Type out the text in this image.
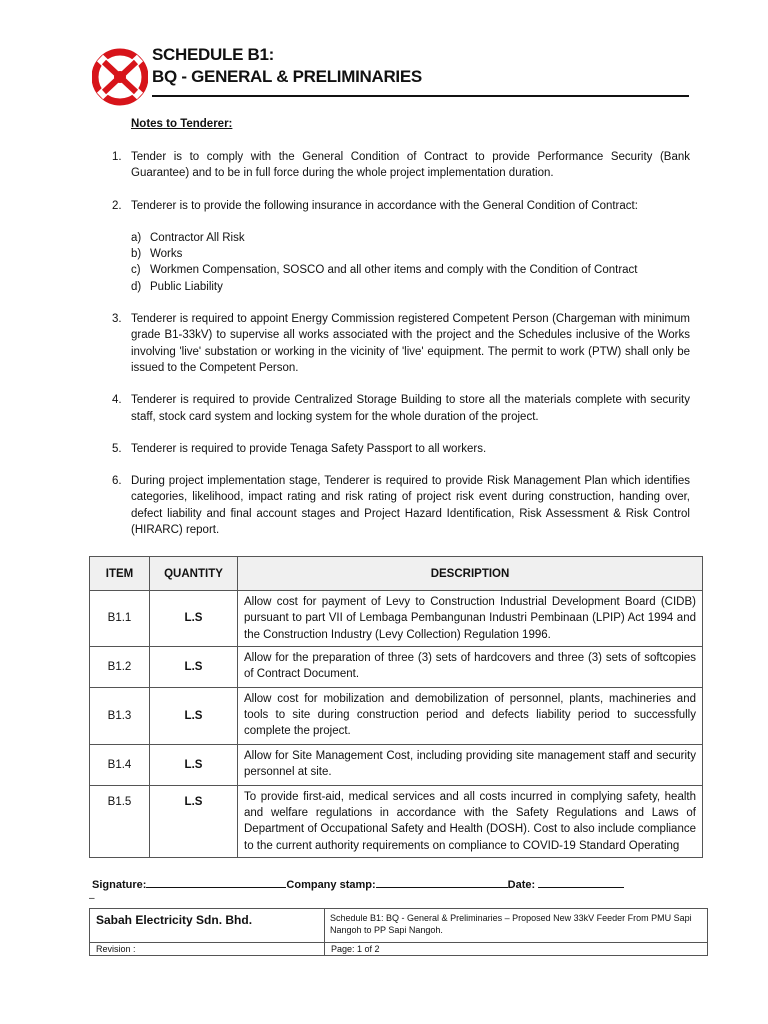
SCHEDULE B1:
BQ - GENERAL & PRELIMINARIES
Notes to Tenderer:
1. Tender is to comply with the General Condition of Contract to provide Performance Security (Bank Guarantee) and to be in full force during the whole project implementation duration.
2. Tenderer is to provide the following insurance in accordance with the General Condition of Contract:
a) Contractor All Risk
b) Works
c) Workmen Compensation, SOSCO and all other items and comply with the Condition of Contract
d) Public Liability
3. Tenderer is required to appoint Energy Commission registered Competent Person (Chargeman with minimum grade B1-33kV) to supervise all works associated with the project and the Schedules inclusive of the Works involving 'live' substation or working in the vicinity of 'live' equipment. The permit to work (PTW) shall only be issued to the Competent Person.
4. Tenderer is required to provide Centralized Storage Building to store all the materials complete with security staff, stock card system and locking system for the whole duration of the project.
5. Tenderer is required to provide Tenaga Safety Passport to all workers.
6. During project implementation stage, Tenderer is required to provide Risk Management Plan which identifies categories, likelihood, impact rating and risk rating of project risk event during construction, handing over, defect liability and final account stages and Project Hazard Identification, Risk Assessment & Risk Control (HIRARC) report.
ITEM	QUANTITY	DESCRIPTION
B1.1	L.S	Allow cost for payment of Levy to Construction Industrial Development Board (CIDB) pursuant to part VII of Lembaga Pembangunan Industri Pembinaan (LPIP) Act 1994 and the Construction Industry (Levy Collection) Regulation 1996.
B1.2	L.S	Allow for the preparation of three (3) sets of hardcovers and three (3) sets of softcopies of Contract Document.
B1.3	L.S	Allow cost for mobilization and demobilization of personnel, plants, machineries and tools to site during construction period and defects liability period to successfully complete the project.
B1.4	L.S	Allow for Site Management Cost, including providing site management staff and security personnel at site.
B1.5	L.S	To provide first-aid, medical services and all costs incurred in complying safety, health and welfare regulations in accordance with the Safety Regulations and Laws of Department of Occupational Safety and Health (DOSH). Cost to also include compliance to the current authority requirements on compliance to COVID-19 Standard Operating
Signature:	Company stamp:	Date:
–
Sabah Electricity Sdn. Bhd.	Schedule B1: BQ - General & Preliminaries – Proposed New 33kV Feeder From PMU Sapi Nangoh to PP Sapi Nangoh.
Revision :	Page: 1 of 2
